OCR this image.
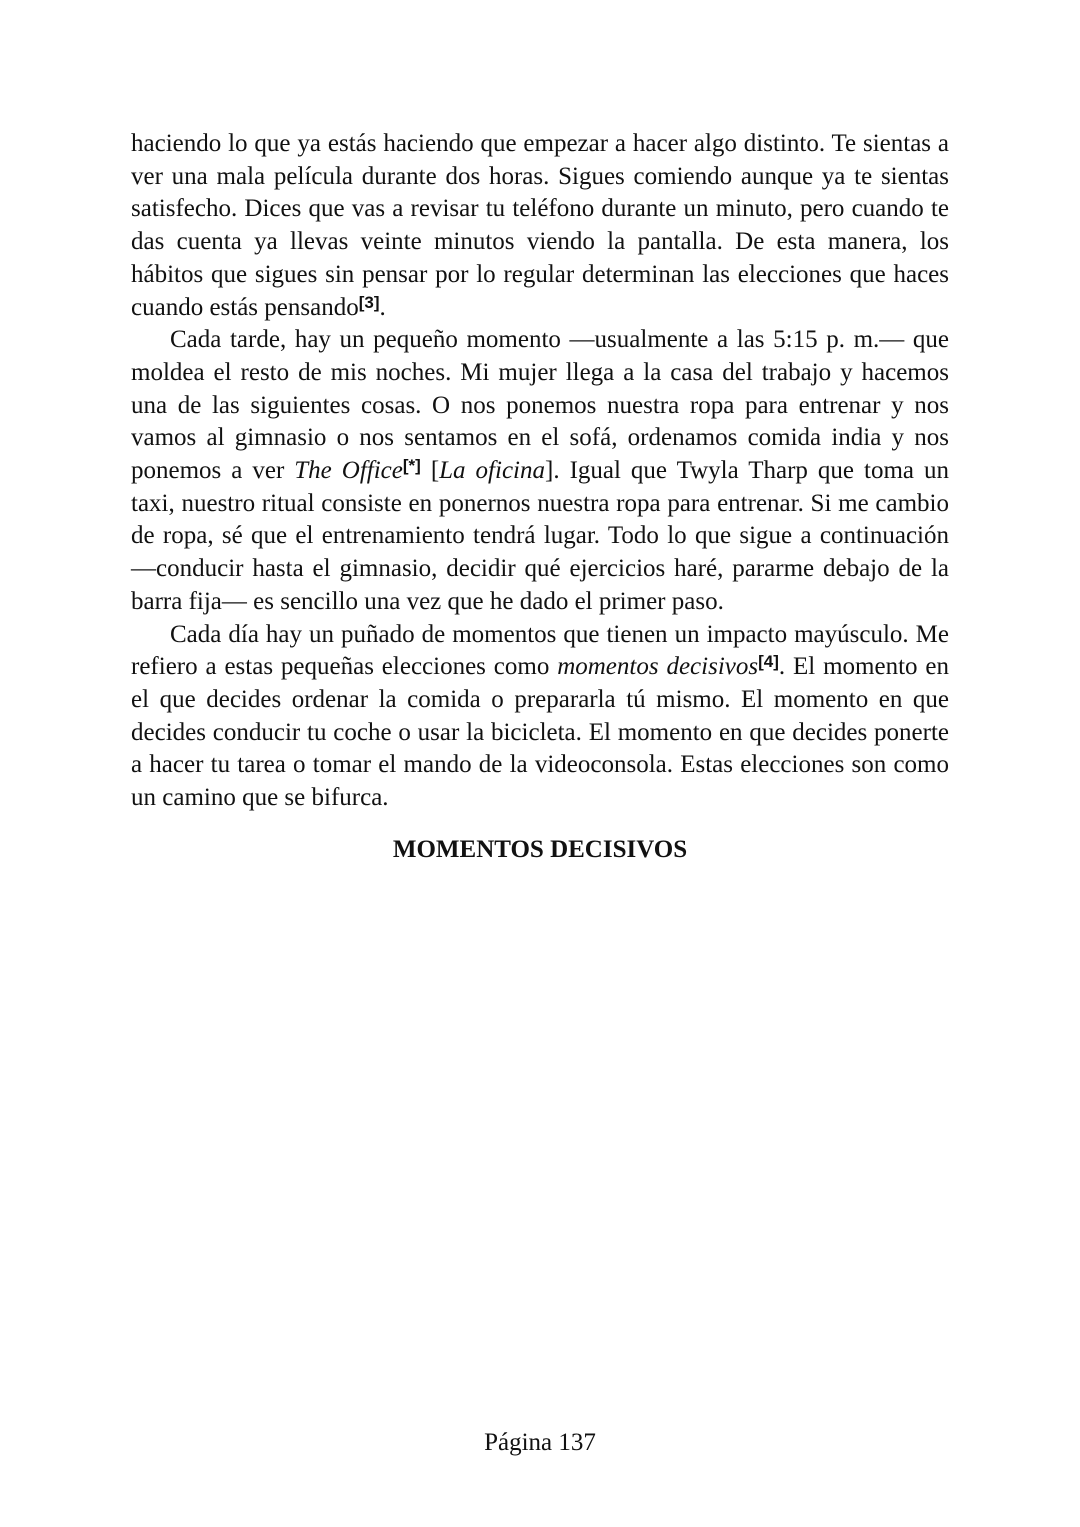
haciendo lo que ya estás haciendo que empezar a hacer algo distinto. Te sientas a ver una mala película durante dos horas. Sigues comiendo aunque ya te sientas satisfecho. Dices que vas a revisar tu teléfono durante un minuto, pero cuando te das cuenta ya llevas veinte minutos viendo la pantalla. De esta manera, los hábitos que sigues sin pensar por lo regular determinan las elecciones que haces cuando estás pensando[3].

Cada tarde, hay un pequeño momento —usualmente a las 5:15 p. m.— que moldea el resto de mis noches. Mi mujer llega a la casa del trabajo y hacemos una de las siguientes cosas. O nos ponemos nuestra ropa para entrenar y nos vamos al gimnasio o nos sentamos en el sofá, ordenamos comida india y nos ponemos a ver The Office[*] [La oficina]. Igual que Twyla Tharp que toma un taxi, nuestro ritual consiste en ponernos nuestra ropa para entrenar. Si me cambio de ropa, sé que el entrenamiento tendrá lugar. Todo lo que sigue a continuación —conducir hasta el gimnasio, decidir qué ejercicios haré, pararme debajo de la barra fija— es sencillo una vez que he dado el primer paso.

Cada día hay un puñado de momentos que tienen un impacto mayúsculo. Me refiero a estas pequeñas elecciones como momentos decisivos[4]. El momento en el que decides ordenar la comida o prepararla tú mismo. El momento en que decides conducir tu coche o usar la bicicleta. El momento en que decides ponerte a hacer tu tarea o tomar el mando de la videoconsola. Estas elecciones son como un camino que se bifurca.

MOMENTOS DECISIVOS
Página 137
